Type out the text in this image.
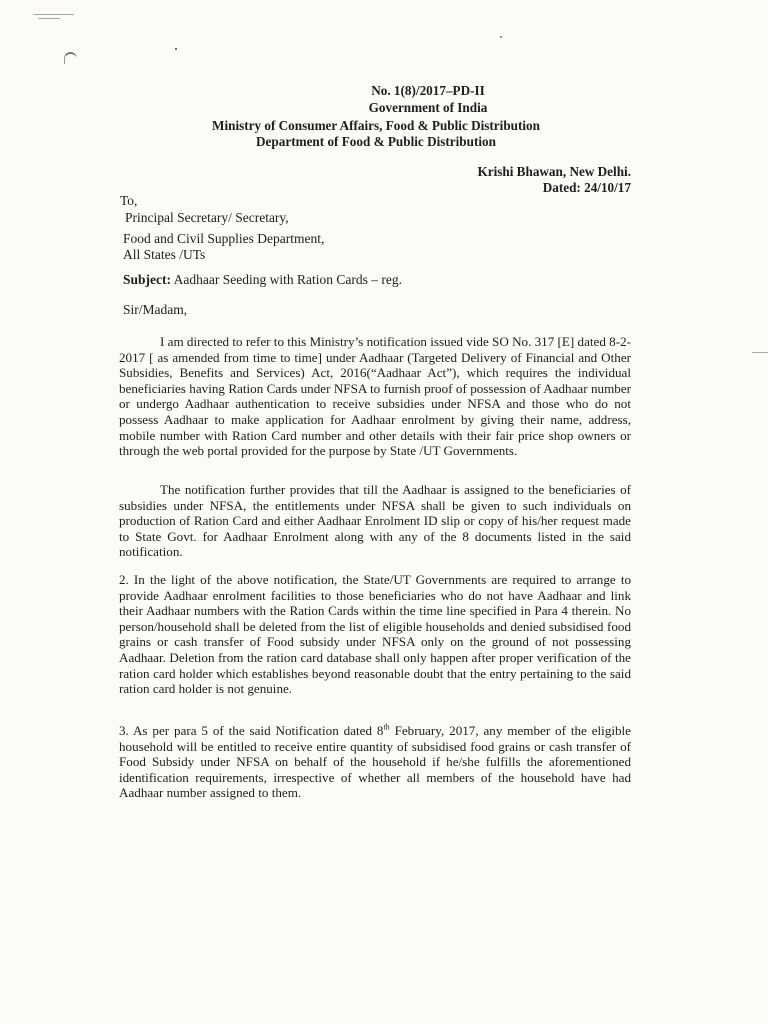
No. 1(8)/2017–PD-II
Government of India
Ministry of Consumer Affairs, Food & Public Distribution
Department of Food & Public Distribution
Krishi Bhawan, New Delhi.
Dated: 24/10/17
To,
Principal Secretary/ Secretary,
Food and Civil Supplies Department,
All States /UTs
Subject: Aadhaar Seeding with Ration Cards – reg.
Sir/Madam,
I am directed to refer to this Ministry’s notification issued vide SO No. 317 [E] dated 8-2-2017 [ as amended from time to time] under Aadhaar (Targeted Delivery of Financial and Other Subsidies, Benefits and Services) Act, 2016(“Aadhaar Act”), which requires the individual beneficiaries having Ration Cards under NFSA to furnish proof of possession of Aadhaar number or undergo Aadhaar authentication to receive subsidies under NFSA and those who do not possess Aadhaar to make application for Aadhaar enrolment by giving their name, address, mobile number with Ration Card number and other details with their fair price shop owners or through the web portal provided for the purpose by State /UT Governments.
The notification further provides that till the Aadhaar is assigned to the beneficiaries of subsidies under NFSA, the entitlements under NFSA shall be given to such individuals on production of Ration Card and either Aadhaar Enrolment ID slip or copy of his/her request made to State Govt. for Aadhaar Enrolment along with any of the 8 documents listed in the said notification.
2. In the light of the above notification, the State/UT Governments are required to arrange to provide Aadhaar enrolment facilities to those beneficiaries who do not have Aadhaar and link their Aadhaar numbers with the Ration Cards within the time line specified in Para 4 therein. No person/household shall be deleted from the list of eligible households and denied subsidised food grains or cash transfer of Food subsidy under NFSA only on the ground of not possessing Aadhaar. Deletion from the ration card database shall only happen after proper verification of the ration card holder which establishes beyond reasonable doubt that the entry pertaining to the said ration card holder is not genuine.
3. As per para 5 of the said Notification dated 8th February, 2017, any member of the eligible household will be entitled to receive entire quantity of subsidised food grains or cash transfer of Food Subsidy under NFSA on behalf of the household if he/she fulfills the aforementioned identification requirements, irrespective of whether all members of the household have had Aadhaar number assigned to them.
